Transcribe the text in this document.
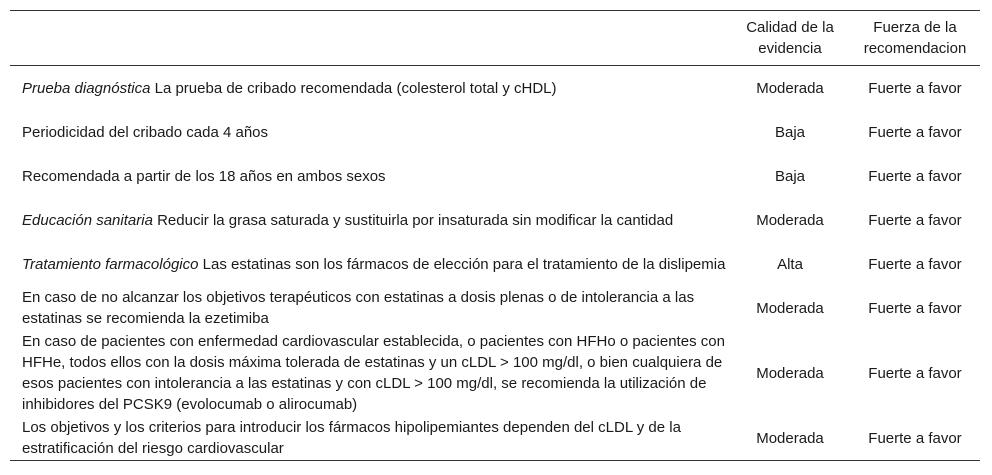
	Calidad de la evidencia	Fuerza de la recomendacion
Prueba diagnóstica La prueba de cribado recomendada (colesterol total y cHDL)	Moderada	Fuerte a favor
Periodicidad del cribado cada 4 años	Baja	Fuerte a favor
Recomendada a partir de los 18 años en ambos sexos	Baja	Fuerte a favor
Educación sanitaria Reducir la grasa saturada y sustituirla por insaturada sin modificar la cantidad	Moderada	Fuerte a favor
Tratamiento farmacológico Las estatinas son los fármacos de elección para el tratamiento de la dislipemia	Alta	Fuerte a favor
En caso de no alcanzar los objetivos terapéuticos con estatinas a dosis plenas o de intolerancia a las estatinas se recomienda la ezetimiba	Moderada	Fuerte a favor
En caso de pacientes con enfermedad cardiovascular establecida, o pacientes con HFHo o pacientes con HFHe, todos ellos con la dosis máxima tolerada de estatinas y un cLDL > 100 mg/dl, o bien cualquiera de esos pacientes con intolerancia a las estatinas y con cLDL > 100 mg/dl, se recomienda la utilización de inhibidores del PCSK9 (evolocumab o alirocumab)	Moderada	Fuerte a favor
Los objetivos y los criterios para introducir los fármacos hipolipemiantes dependen del cLDL y de la estratificación del riesgo cardiovascular	Moderada	Fuerte a favor
